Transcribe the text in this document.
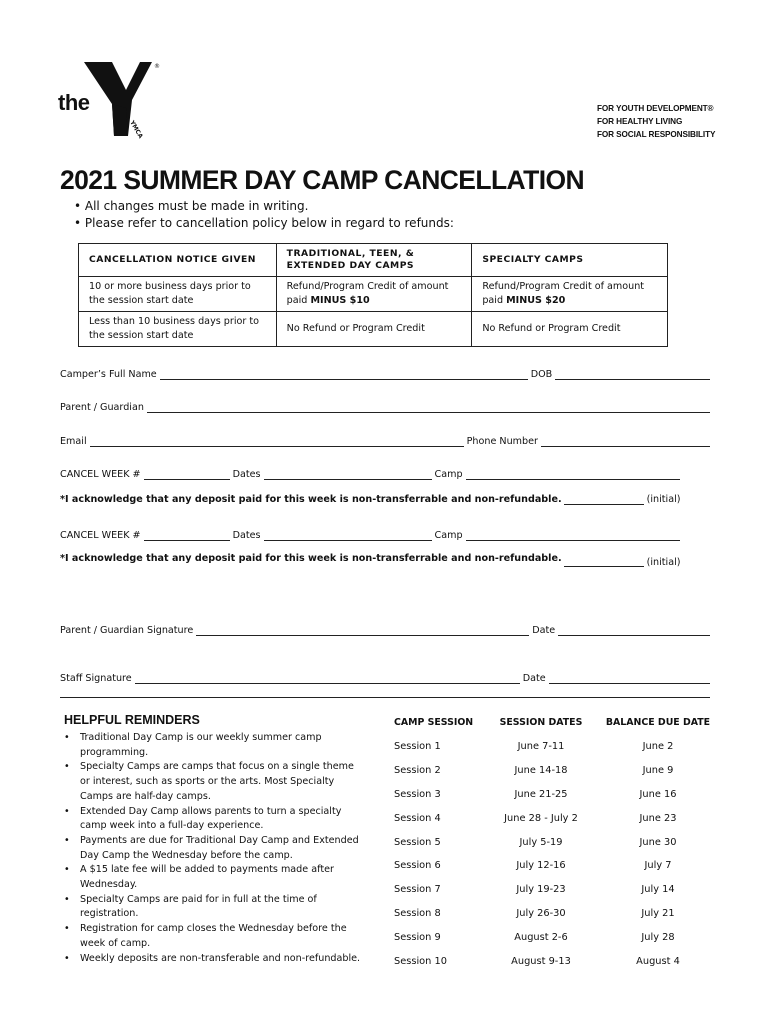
the
YMCA
®
FOR YOUTH DEVELOPMENT®
FOR HEALTHY LIVING
FOR SOCIAL RESPONSIBILITY
2021 SUMMER DAY CAMP CANCELLATION
• All changes must be made in writing.
• Please refer to cancellation policy below in regard to refunds:
CANCELLATION NOTICE GIVEN	TRADITIONAL, TEEN, & EXTENDED DAY CAMPS	SPECIALTY CAMPS
10 or more business days prior to the session start date	Refund/Program Credit of amount paid MINUS $10	Refund/Program Credit of amount paid MINUS $20
Less than 10 business days prior to the session start date	No Refund or Program Credit	No Refund or Program Credit
Camper’s Full Name	DOB
Parent / Guardian
Email	Phone Number
CANCEL WEEK #	Dates	Camp
*I acknowledge that any deposit paid for this week is non-transferrable and non-refundable.	(initial)
CANCEL WEEK #	Dates	Camp
*I acknowledge that any deposit paid for this week is non-transferrable and non-refundable.	(initial)
Parent / Guardian Signature	Date
Staff Signature	Date
HELPFUL REMINDERS
• Traditional Day Camp is our weekly summer camp programming.
• Specialty Camps are camps that focus on a single theme or interest, such as sports or the arts. Most Specialty Camps are half-day camps.
• Extended Day Camp allows parents to turn a specialty camp week into a full-day experience.
• Payments are due for Traditional Day Camp and Extended Day Camp the Wednesday before the camp.
• A $15 late fee will be added to payments made after Wednesday.
• Specialty Camps are paid for in full at the time of registration.
• Registration for camp closes the Wednesday before the week of camp.
• Weekly deposits are non-transferable and non-refundable.
CAMP SESSION	SESSION DATES	BALANCE DUE DATE
Session 1	June 7-11	June 2
Session 2	June 14-18	June 9
Session 3	June 21-25	June 16
Session 4	June 28 - July 2	June 23
Session 5	July 5-19	June 30
Session 6	July 12-16	July 7
Session 7	July 19-23	July 14
Session 8	July 26-30	July 21
Session 9	August 2-6	July 28
Session 10	August 9-13	August 4
